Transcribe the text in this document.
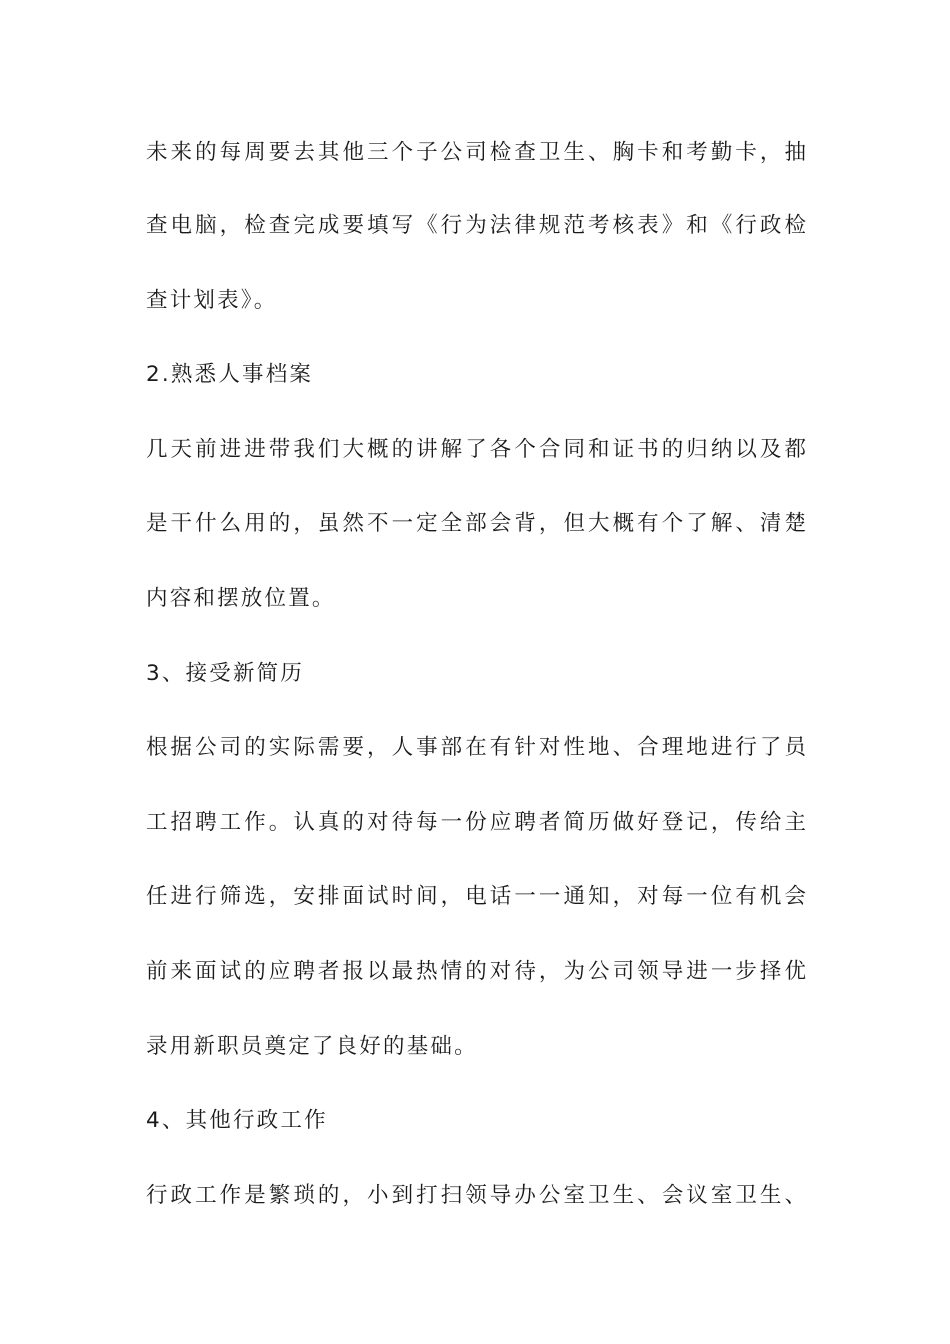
未来的每周要去其他三个子公司检查卫生、胸卡和考勤卡，抽
查电脑，检查完成要填写《行为法律规范考核表》和《行政检
查计划表》。
2.熟悉人事档案
几天前进进带我们大概的讲解了各个合同和证书的归纳以及都
是干什么用的，虽然不一定全部会背，但大概有个了解、清楚
内容和摆放位置。
3、接受新简历
根据公司的实际需要，人事部在有针对性地、合理地进行了员
工招聘工作。认真的对待每一份应聘者简历做好登记，传给主
任进行筛选，安排面试时间，电话一一通知，对每一位有机会
前来面试的应聘者报以最热情的对待，为公司领导进一步择优
录用新职员奠定了良好的基础。
4、其他行政工作
行政工作是繁琐的，小到打扫领导办公室卫生、会议室卫生、
